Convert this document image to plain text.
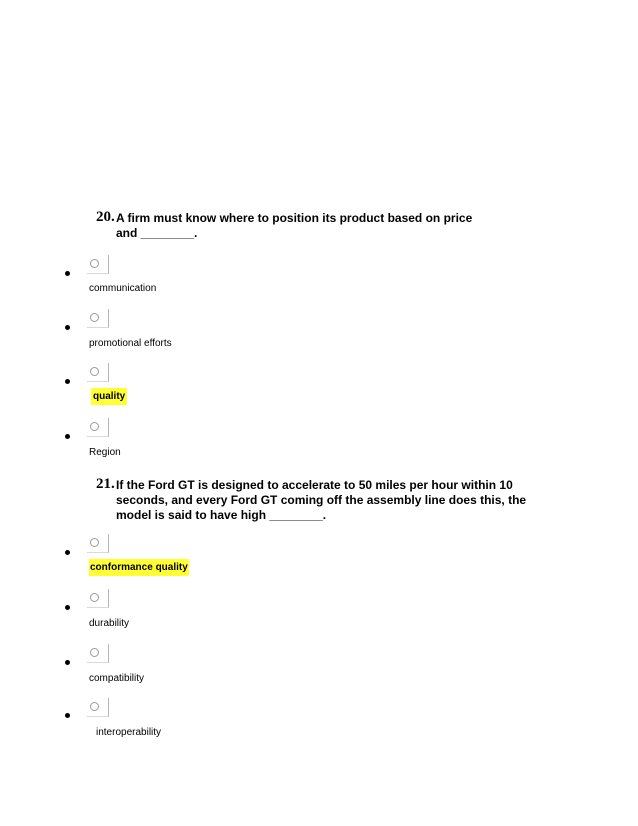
20. A firm must know where to position its product based on price and ________.
communication
promotional efforts
quality
Region
21. If the Ford GT is designed to accelerate to 50 miles per hour within 10 seconds, and every Ford GT coming off the assembly line does this, the model is said to have high ________.
conformance quality
durability
compatibility
interoperability
